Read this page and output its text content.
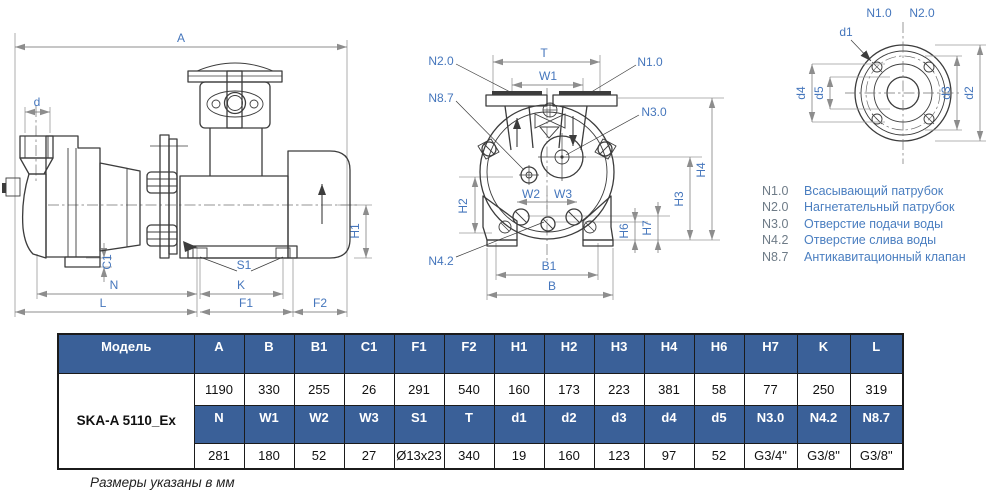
A
d
C1	S1
N	K
L	F1	F2
H1
T
W1
W2 W3
H2
H6 H7
H3
H4
B1
B
N2.0	N1.0
N8.7
N3.0
N4.2
N1.0 N2.0
d1
d4 d5	d3 d2
N1.0 Всасывающий патрубок
N2.0 Нагнетательный патрубок
N3.0 Отверстие подачи воды
N4.2 Отверстие слива воды
N8.7 Антикавитационный клапан
Модель	A	B	B1	C1	F1	F2	H1	H2	H3	H4	H6	H7	K	L
SKA-A 5110_Ex	1190	330	255	26	291	540	160	173	223	381	58	77	250	319
	N	W1	W2	W3	S1	T	d1	d2	d3	d4	d5	N3.0	N4.2	N8.7
	281	180	52	27	Ø13x23	340	19	160	123	97	52	G3/4"	G3/8"	G3/8"
Размеры указаны в мм
